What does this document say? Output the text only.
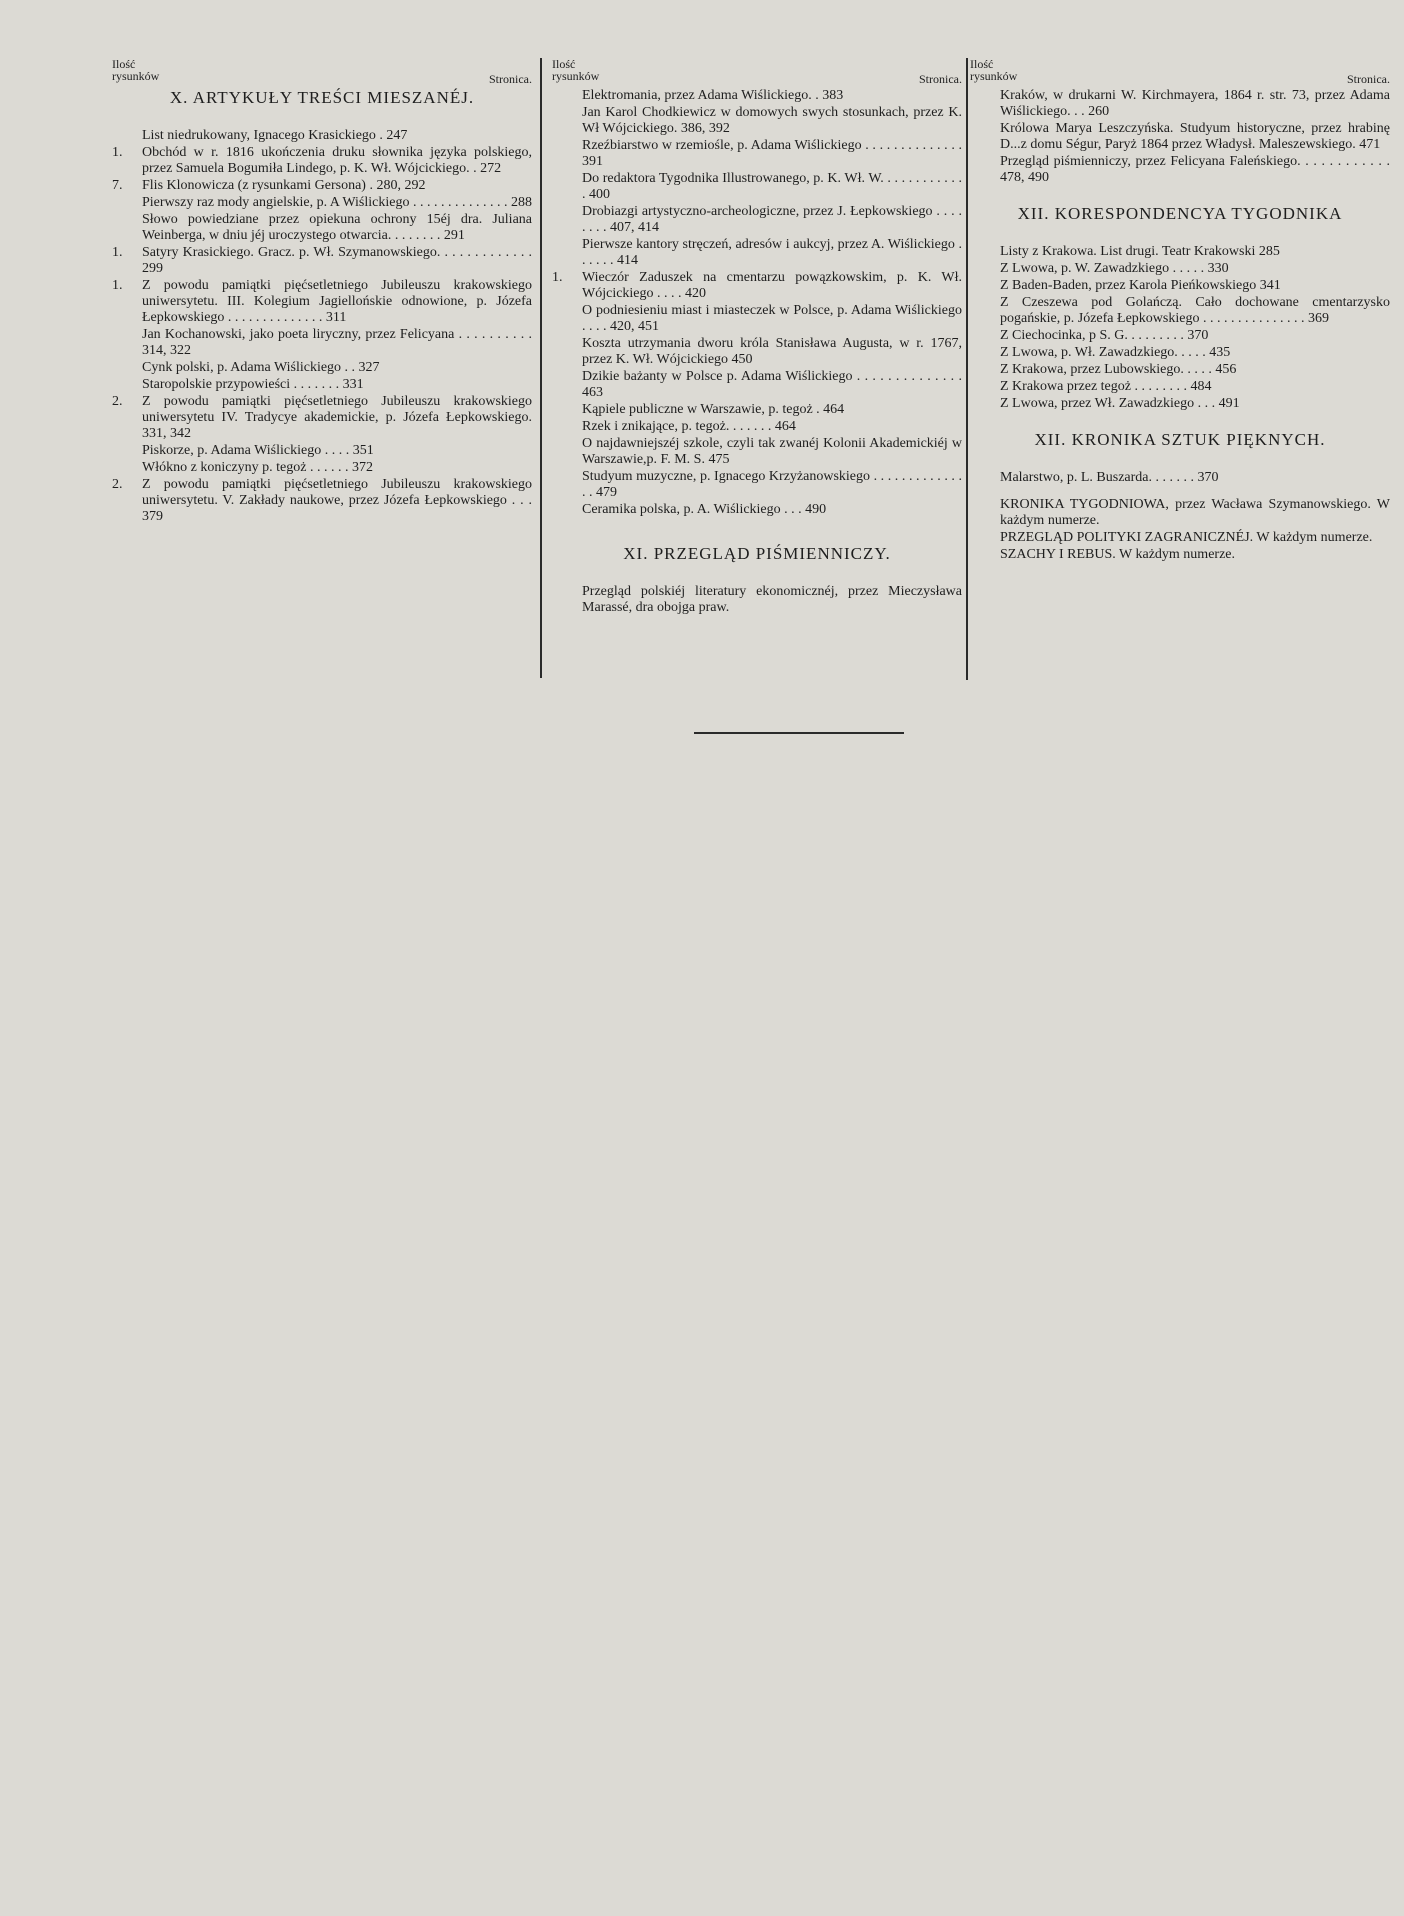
Ilość
rysunków	Stronica.
X. ARTYKUŁY TREŚCI MIESZANÉJ.
List niedrukowany, Ignacego Krasickiego . 247
1.	Obchód w r. 1816 ukończenia druku słownika języka polskiego, przez Samuela Bogumiła Lindego, p. K. Wł. Wójcickiego. . 272
7.	Flis Klonowicza (z rysunkami Gersona) . 280, 292
Pierwszy raz mody angielskie, p. A Wiślickiego . . . . . . . . . . . . . . 288
Słowo powiedziane przez opiekuna ochrony 15éj dra. Juliana Weinberga, w dniu jéj uroczystego otwarcia. . . . . . . . 291
1.	Satyry Krasickiego. Gracz. p. Wł. Szymanowskiego. . . . . . . . . . . . . 299
1.	Z powodu pamiątki pięćsetletniego Jubileuszu krakowskiego uniwersytetu. III. Kolegium Jagiellońskie odnowione, p. Józefa Łepkowskiego . . . . . . . . . . . . . . 311
Jan Kochanowski, jako poeta liryczny, przez Felicyana . . . . . . . . . . 314, 322
Cynk polski, p. Adama Wiślickiego . . 327
Staropolskie przypowieści . . . . . . . 331
2.	Z powodu pamiątki pięćsetletniego Jubileuszu krakowskiego uniwersytetu IV. Tradycye akademickie, p. Józefa Łepkowskiego. 331, 342
Piskorze, p. Adama Wiślickiego . . . . 351
Włókno z koniczyny p. tegoż . . . . . . 372
2.	Z powodu pamiątki pięćsetletniego Jubileuszu krakowskiego uniwersytetu. V. Zakłady naukowe, przez Józefa Łepkowskiego . . . 379
Ilość
rysunków	Stronica.
Elektromania, przez Adama Wiślickiego. . 383
Jan Karol Chodkiewicz w domowych swych stosunkach, przez K. Wł Wójcickiego. 386, 392
Rzeźbiarstwo w rzemiośle, p. Adama Wiślickiego . . . . . . . . . . . . . . 391
Do redaktora Tygodnika Illustrowanego, p. K. Wł. W. . . . . . . . . . . . . 400
Drobiazgi artystyczno-archeologiczne, przez J. Łepkowskiego . . . . . . . . 407, 414
Pierwsze kantory stręczeń, adresów i aukcyj, przez A. Wiślickiego . . . . . . 414
1.	Wieczór Zaduszek na cmentarzu powązkowskim, p. K. Wł. Wójcickiego . . . . 420
O podniesieniu miast i miasteczek w Polsce, p. Adama Wiślickiego . . . . 420, 451
Koszta utrzymania dworu króla Stanisława Augusta, w r. 1767, przez K. Wł. Wójcickiego 450
Dzikie bażanty w Polsce p. Adama Wiślickiego . . . . . . . . . . . . . . 463
Kąpiele publiczne w Warszawie, p. tegoż . 464
Rzek i znikające, p. tegoż. . . . . . . 464
O najdawniejszéj szkole, czyli tak zwanéj Kolonii Akademickiéj w Warszawie,p. F. M. S. 475
Studyum muzyczne, p. Ignacego Krzyżanowskiego . . . . . . . . . . . . . . . 479
Ceramika polska, p. A. Wiślickiego . . . 490
XI. PRZEGLĄD PIŚMIENNICZY.
Przegląd polskiéj literatury ekonomicznéj, przez Mieczysława Marassé, dra obojga praw.
Ilość
rysunków	Stronica.
Kraków, w drukarni W. Kirchmayera, 1864 r. str. 73, przez Adama Wiślickiego. . . 260
Królowa Marya Leszczyńska. Studyum historyczne, przez hrabinę D...z domu Ségur, Paryż 1864 przez Władysł. Maleszewskiego. 471
Przegląd piśmienniczy, przez Felicyana Faleńskiego. . . . . . . . . . . . 478, 490
XII. KORESPONDENCYA TYGODNIKA
Listy z Krakowa. List drugi. Teatr Krakowski 285
Z Lwowa, p. W. Zawadzkiego . . . . . 330
Z Baden-Baden, przez Karola Pieńkowskiego 341
Z Czeszewa pod Golańczą. Cało dochowane cmentarzysko pogańskie, p. Józefa Łepkowskiego . . . . . . . . . . . . . . . 369
Z Ciechocinka, p S. G. . . . . . . . . 370
Z Lwowa, p. Wł. Zawadzkiego. . . . . 435
Z Krakowa, przez Lubowskiego. . . . . 456
Z Krakowa przez tegoż . . . . . . . . 484
Z Lwowa, przez Wł. Zawadzkiego . . . 491
XII. KRONIKA SZTUK PIĘKNYCH.
Malarstwo, p. L. Buszarda. . . . . . . 370
KRONIKA TYGODNIOWA, przez Wacława Szymanowskiego. W każdym numerze.
PRZEGLĄD POLITYKI ZAGRANICZNÉJ. W każdym numerze.
SZACHY I REBUS. W każdym numerze.
